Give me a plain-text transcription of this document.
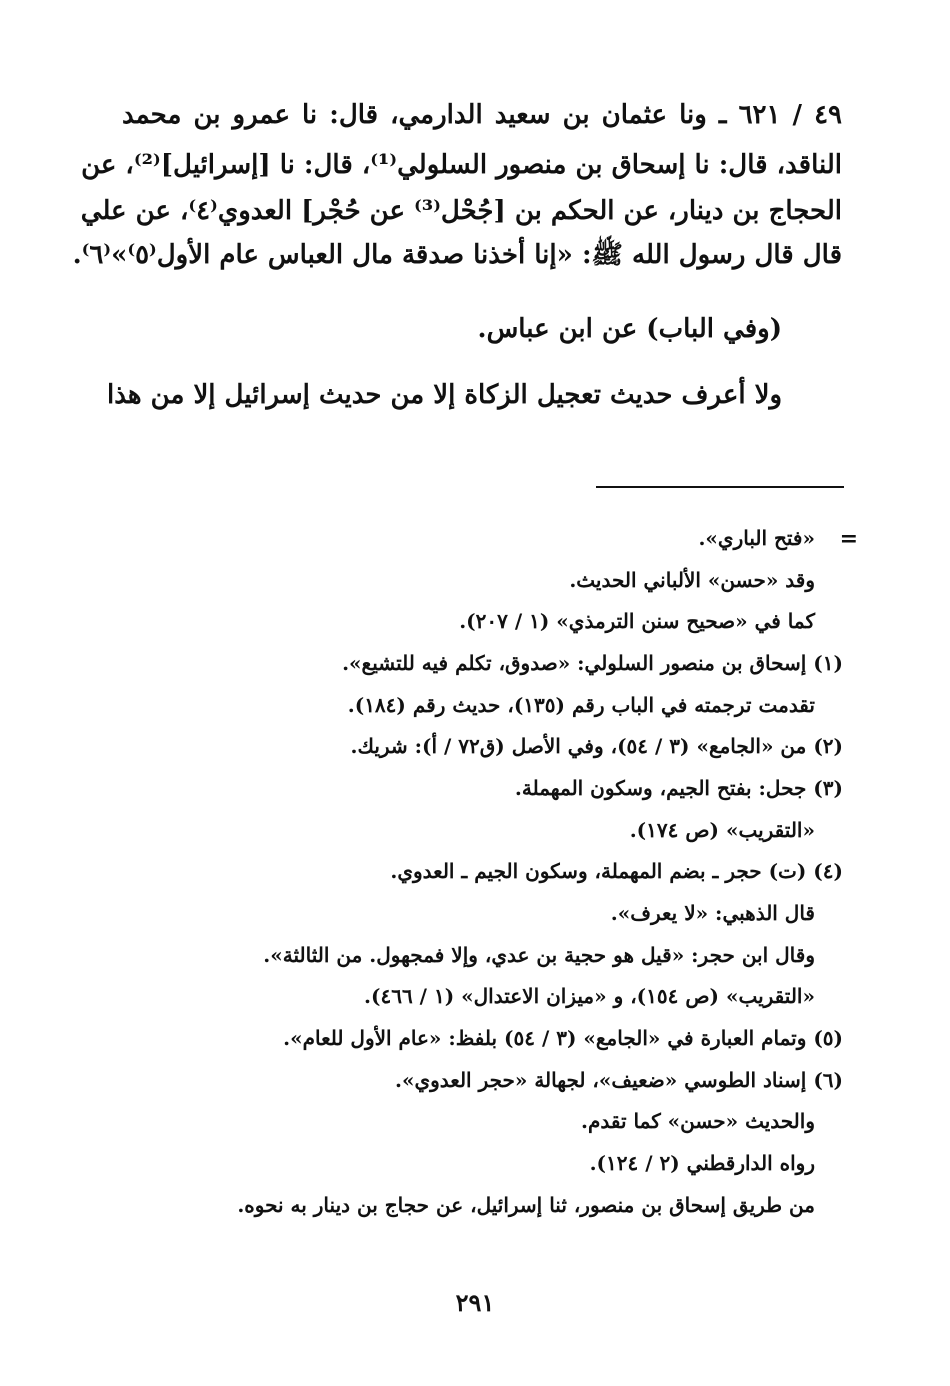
٤٩ / ٦٢١ ـ ونا عثمان بن سعيد الدارمي، قال: نا عمرو بن محمد
الناقد، قال: نا إسحاق بن منصور السلولي⁽¹⁾، قال: نا [إسرائيل]⁽²⁾، عن
الحجاج بن دينار، عن الحكم بن [جُحْل⁽³⁾ عن حُجْر] العدوي⁽٤⁾، عن علي
قال قال رسول الله ﷺ: «إنا أخذنا صدقة مال العباس عام الأول⁽٥⁾»⁽٦⁾.
(وفي الباب) عن ابن عباس.
ولا أعرف حديث تعجيل الزكاة إلا من حديث إسرائيل إلا من هذا
=
«فتح الباري».
وقد «حسن» الألباني الحديث.
كما في «صحيح سنن الترمذي» (١ / ٢٠٧).
(١) إسحاق بن منصور السلولي: «صدوق، تكلم فيه للتشيع».
تقدمت ترجمته في الباب رقم (١٣٥)، حديث رقم (١٨٤).
(٢) من «الجامع» (٣ / ٥٤)، وفي الأصل (ق٧٢ / أ): شريك.
(٣) جحل: بفتح الجيم، وسكون المهملة.
«التقريب» (ص ١٧٤).
(٤) (ت) حجر ـ بضم المهملة، وسكون الجيم ـ العدوي.
قال الذهبي: «لا يعرف».
وقال ابن حجر: «قيل هو حجية بن عدي، وإلا فمجهول. من الثالثة».
«التقريب» (ص ١٥٤)، و «ميزان الاعتدال» (١ / ٤٦٦).
(٥) وتمام العبارة في «الجامع» (٣ / ٥٤) بلفظ: «عام الأول للعام».
(٦) إسناد الطوسي «ضعيف»، لجهالة «حجر العدوي».
والحديث «حسن» كما تقدم.
رواه الدارقطني (٢ / ١٢٤).
من طريق إسحاق بن منصور، ثنا إسرائيل، عن حجاج بن دينار به نحوه.
٢٩١
